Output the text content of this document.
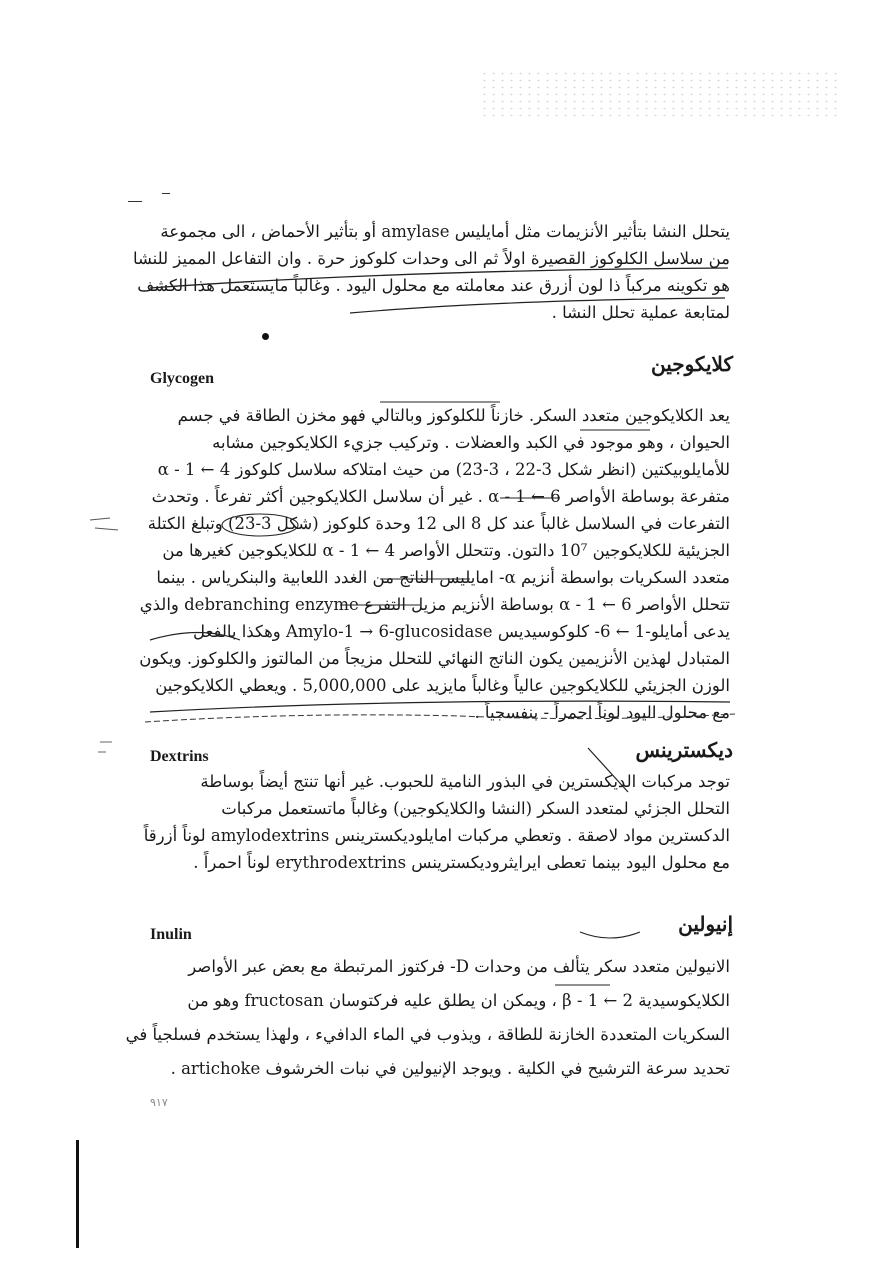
يتحلل النشا بتأثير الأنزيمات مثل أمايليس amylase أو بتأثير الأحماض ، الى مجموعة
من سلاسل الكلوكوز القصيرة اولاً ثم الى وحدات كلوكوز حرة . وان التفاعل المميز للنشا
هو تكوينه مركباً ذا لون أزرق عند معاملته مع محلول اليود . وغالباً مايستعمل هذا الكشف
لمتابعة عملية تحلل النشا .
كلايكوجين
Glycogen
يعد الكلايكوجين متعدد السكر. خازناً للكلوكوز وبالتالي فهو مخزن الطاقة في جسم
الحيوان ، وهو موجود في الكبد والعضلات . وتركيب جزيء الكلايكوجين مشابه
للأمايلوبيكتين (انظر شكل 3-22 ، 3-23) من حيث امتلاكه سلاسل كلوكوز α - 1 ← 4
متفرعة بوساطة الأواصر α - 1 ← 6 . غير أن سلاسل الكلايكوجين أكثر تفرعاً . وتحدث
التفرعات في السلاسل غالباً عند كل 8 الى 12 وحدة كلوكوز (شكل 3-23) وتبلغ الكتلة
الجزيئية للكلايكوجين 10⁷ دالتون. وتتحلل الأواصر α - 1 ← 4 للكلايكوجين كغيرها من
متعدد السكريات بواسطة أنزيم α- امايليس الناتج من الغدد اللعابية والبنكرياس . بينما
تتحلل الأواصر α - 1 ← 6 بوساطة الأنزيم مزيل التفرع debranching enzyme والذي
يدعى أمايلو-1 ← 6- كلوكوسيديس Amylo-1 → 6-glucosidase وهكذا بالفعل
المتبادل لهذين الأنزيمين يكون الناتج النهائي للتحلل مزيجاً من المالتوز والكلوكوز. ويكون
الوزن الجزيئي للكلايكوجين عالياً وغالباً مايزيد على 5,000,000 . ويعطي الكلايكوجين
مع محلول اليود لوناً احمراً - بنفسجياً .
ديكسترينس
Dextrins
توجد مركبات الديكسترين في البذور النامية للحبوب. غير أنها تنتج أيضاً بوساطة
التحلل الجزئي لمتعدد السكر (النشا والكلايكوجين) وغالباً ماتستعمل مركبات
الدكسترين مواد لاصقة . وتعطي مركبات امايلوديكسترينس amylodextrins لوناً أزرقاً
مع محلول اليود بينما تعطى ايرايثروديكسترينس erythrodextrins لوناً احمراً .
إنيولين
Inulin
الانيولين متعدد سكر يتألف من وحدات D- فركتوز المرتبطة مع بعض عبر الأواصر
الكلايكوسيدية β - 1 ← 2 ، ويمكن ان يطلق عليه فركتوسان fructosan وهو من
السكريات المتعددة الخازنة للطاقة ، ويذوب في الماء الدافيء ، ولهذا يستخدم فسلجياً في
تحديد سرعة الترشيح في الكلية . ويوجد الإنيولين في نبات الخرشوف artichoke .
٩١٧
